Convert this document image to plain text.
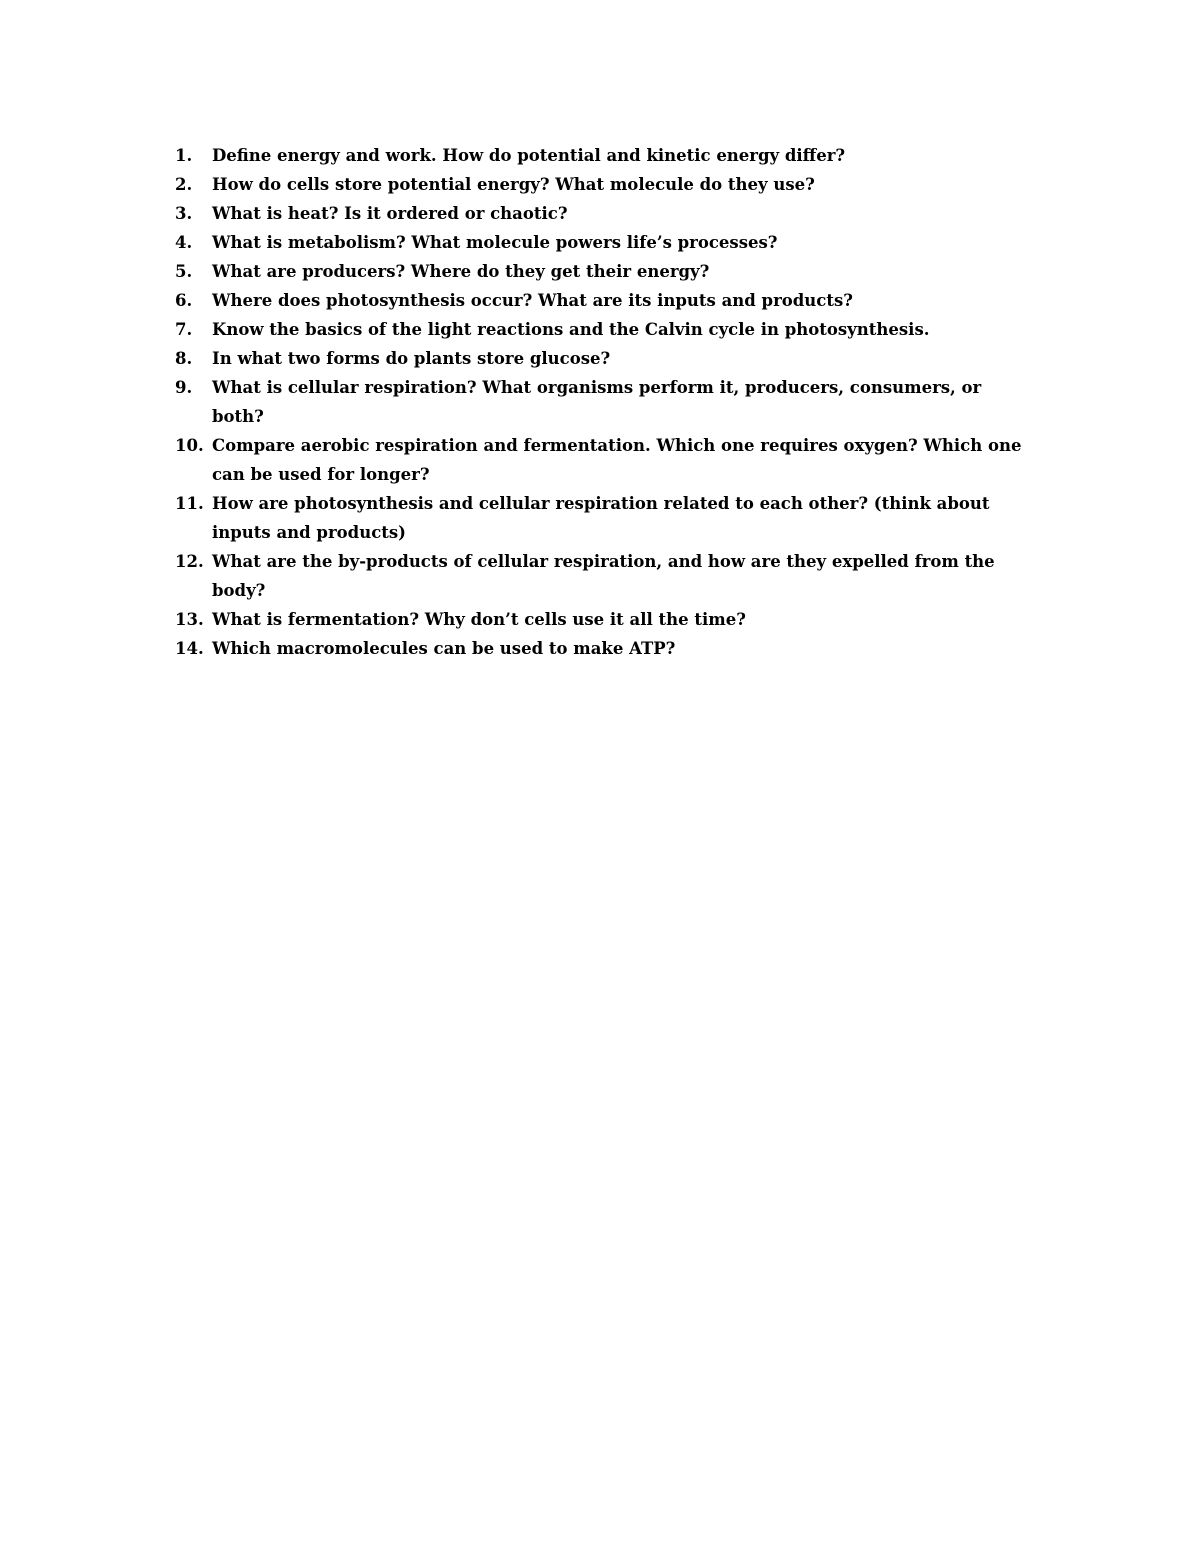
1.	Define energy and work. How do potential and kinetic energy differ?
2.	How do cells store potential energy? What molecule do they use?
3.	What is heat? Is it ordered or chaotic?
4.	What is metabolism? What molecule powers life’s processes?
5.	What are producers? Where do they get their energy?
6.	Where does photosynthesis occur? What are its inputs and products?
7.	Know the basics of the light reactions and the Calvin cycle in photosynthesis.
8.	In what two forms do plants store glucose?
9.	What is cellular respiration? What organisms perform it, producers, consumers, or
both?
10. Compare aerobic respiration and fermentation. Which one requires oxygen? Which one
can be used for longer?
11. How are photosynthesis and cellular respiration related to each other? (think about
inputs and products)
12. What are the by-products of cellular respiration, and how are they expelled from the
body?
13. What is fermentation? Why don’t cells use it all the time?
14. Which macromolecules can be used to make ATP?
